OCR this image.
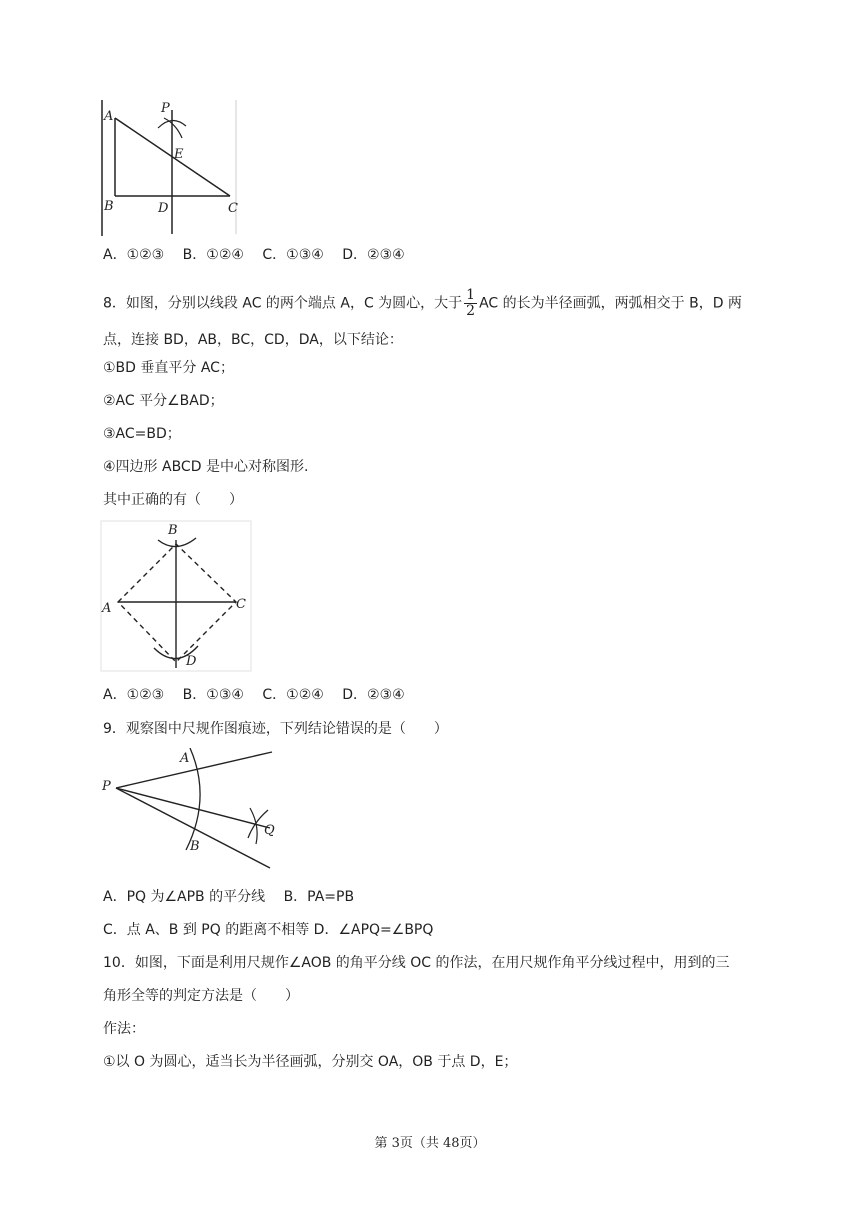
A
P
E
B	D	C
A．①②③　 B．①②④　 C．①③④　 D．②③④
8．如图，分别以线段 AC 的两个端点 A，C 为圆心，大于 $\frac{1}{2}$ AC 的长为半径画弧，两弧相交于 B，D 两
点，连接 BD，AB，BC，CD，DA，以下结论：
①BD 垂直平分 AC；
②AC 平分∠BAD；
③AC=BD；
④四边形 ABCD 是中心对称图形.
其中正确的有（　　）
B
A	C
D
A．①②③　 B．①③④　 C．①②④　 D．②③④
9．观察图中尺规作图痕迹，下列结论错误的是（　　）
P
A
B
Q
A．PQ 为∠APB 的平分线　 B．PA=PB
C．点 A、B 到 PQ 的距离不相等 D．∠APQ=∠BPQ
10．如图，下面是利用尺规作∠AOB 的角平分线 OC 的作法，在用尺规作角平分线过程中，用到的三
角形全等的判定方法是（　　）
作法：
①以 O 为圆心，适当长为半径画弧，分别交 OA，OB 于点 D，E；
第 3页（共 48页）
